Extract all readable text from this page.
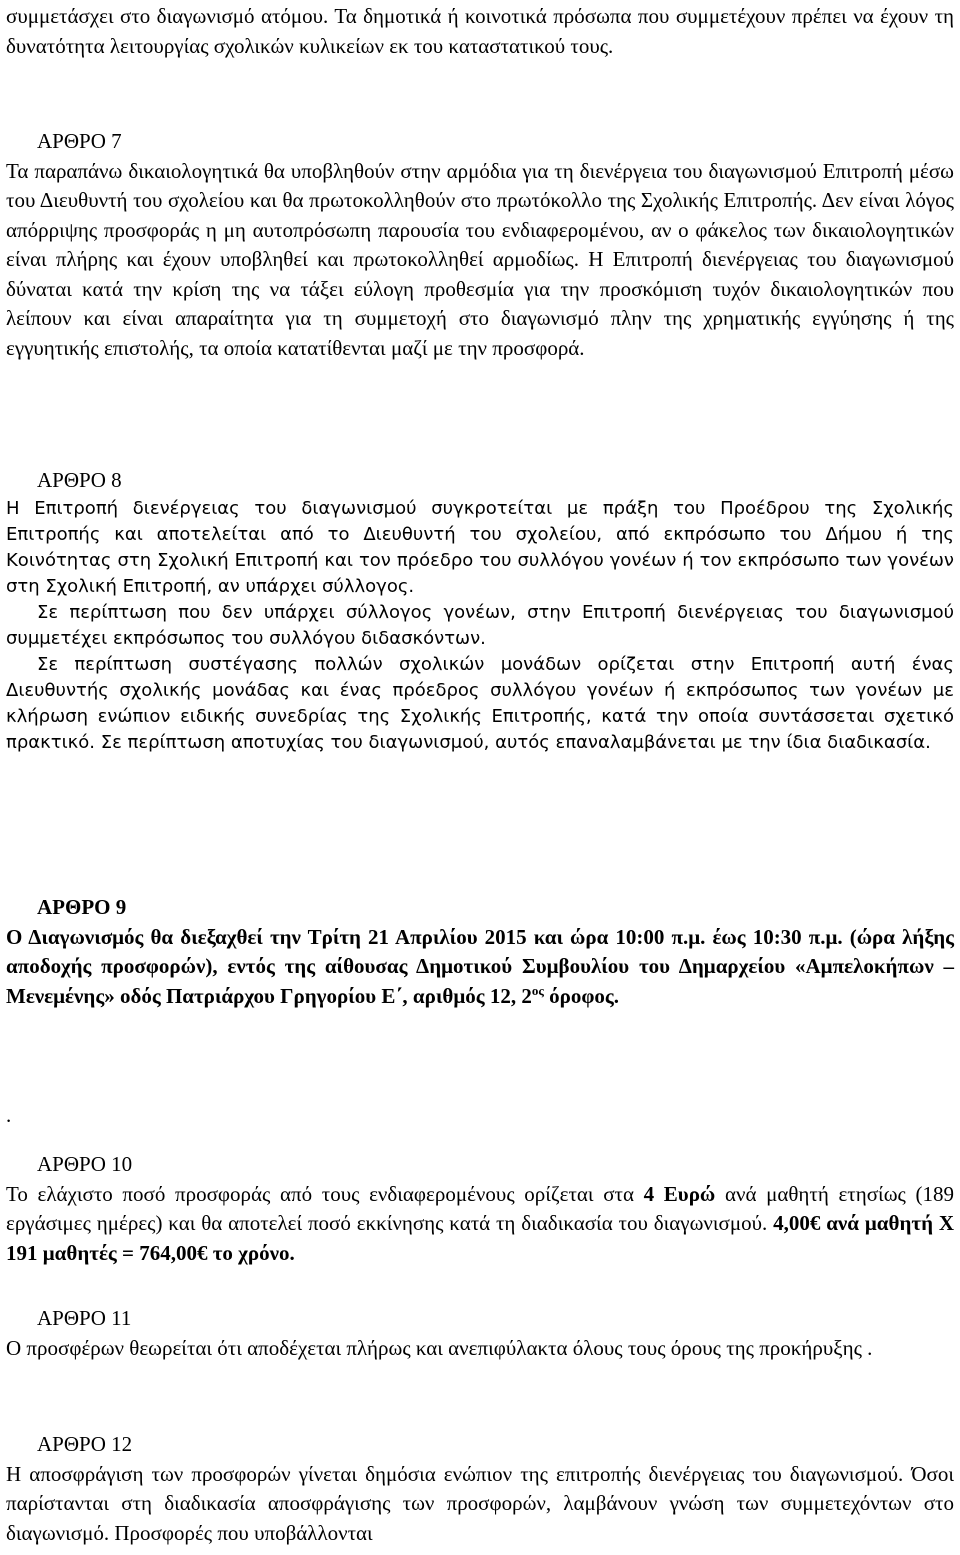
συμμετάσχει στο διαγωνισμό ατόμου. Τα δημοτικά ή κοινοτικά πρόσωπα που συμμετέχουν πρέπει να έχουν τη δυνατότητα λειτουργίας σχολικών κυλικείων εκ του καταστατικού τους.

ΑΡΘΡΟ 7

Τα παραπάνω δικαιολογητικά θα υποβληθούν στην αρμόδια για τη διενέργεια του διαγωνισμού Επιτροπή μέσω του Διευθυντή του σχολείου και θα πρωτοκολληθούν στο πρωτόκολλο της Σχολικής Επιτροπής. Δεν είναι λόγος απόρριψης προσφοράς η μη αυτοπρόσωπη παρουσία του ενδιαφερομένου, αν ο φάκελος των δικαιολογητικών είναι πλήρης και έχουν υποβληθεί και πρωτοκολληθεί αρμοδίως. Η Επιτροπή διενέργειας του διαγωνισμού δύναται κατά την κρίση της να τάξει εύλογη προθεσμία για την προσκόμιση τυχόν δικαιολογητικών που λείπουν και είναι απαραίτητα για τη συμμετοχή στο διαγωνισμό πλην της χρηματικής εγγύησης ή της εγγυητικής επιστολής, τα οποία κατατίθενται μαζί με την προσφορά.

ΑΡΘΡΟ 8

Η Επιτροπή διενέργειας του διαγωνισμού συγκροτείται με πράξη του Προέδρου της Σχολικής Επιτροπής και αποτελείται από το Διευθυντή του σχολείου, από εκπρόσωπο του Δήμου ή της Κοινότητας στη Σχολική Επιτροπή και τον πρόεδρο του συλλόγου γονέων ή τον εκπρόσωπο των γονέων στη Σχολική Επιτροπή, αν υπάρχει σύλλογος.

Σε περίπτωση που δεν υπάρχει σύλλογος γονέων, στην Επιτροπή διενέργειας του διαγωνισμού συμμετέχει εκπρόσωπος του συλλόγου διδασκόντων.

Σε περίπτωση συστέγασης πολλών σχολικών μονάδων ορίζεται στην Επιτροπή αυτή ένας Διευθυντής σχολικής μονάδας και ένας πρόεδρος συλλόγου γονέων ή εκπρόσωπος των γονέων με κλήρωση ενώπιον ειδικής συνεδρίας της Σχολικής Επιτροπής, κατά την οποία συντάσσεται σχετικό πρακτικό. Σε περίπτωση αποτυχίας του διαγωνισμού, αυτός επαναλαμβάνεται με την ίδια διαδικασία.

ΑΡΘΡΟ 9

Ο Διαγωνισμός θα διεξαχθεί την Τρίτη 21 Απριλίου 2015 και ώρα 10:00 π.μ. έως 10:30 π.μ. (ώρα λήξης αποδοχής προσφορών), εντός της αίθουσας Δημοτικού Συμβουλίου του Δημαρχείου «Αμπελοκήπων –Μενεμένης» οδός Πατριάρχου Γρηγορίου Ε΄, αριθμός 12, $2^{o\varsigma}$ όροφος.

.

ΑΡΘΡΟ 10

Το ελάχιστο ποσό προσφοράς από τους ενδιαφερομένους ορίζεται στα 4 Ευρώ ανά μαθητή ετησίως (189 εργάσιμες ημέρες) και θα αποτελεί ποσό εκκίνησης κατά τη διαδικασία του διαγωνισμού. 4,00€ ανά μαθητή Χ 191 μαθητές = 764,00€ το χρόνο.

ΑΡΘΡΟ 11

Ο προσφέρων θεωρείται ότι αποδέχεται πλήρως και ανεπιφύλακτα όλους τους όρους της προκήρυξης .

ΑΡΘΡΟ 12

Η αποσφράγιση των προσφορών γίνεται δημόσια ενώπιον της επιτροπής διενέργειας του διαγωνισμού. Όσοι παρίστανται στη διαδικασία αποσφράγισης των προσφορών, λαμβάνουν γνώση των συμμετεχόντων στο διαγωνισμό. Προσφορές που υποβάλλονται
